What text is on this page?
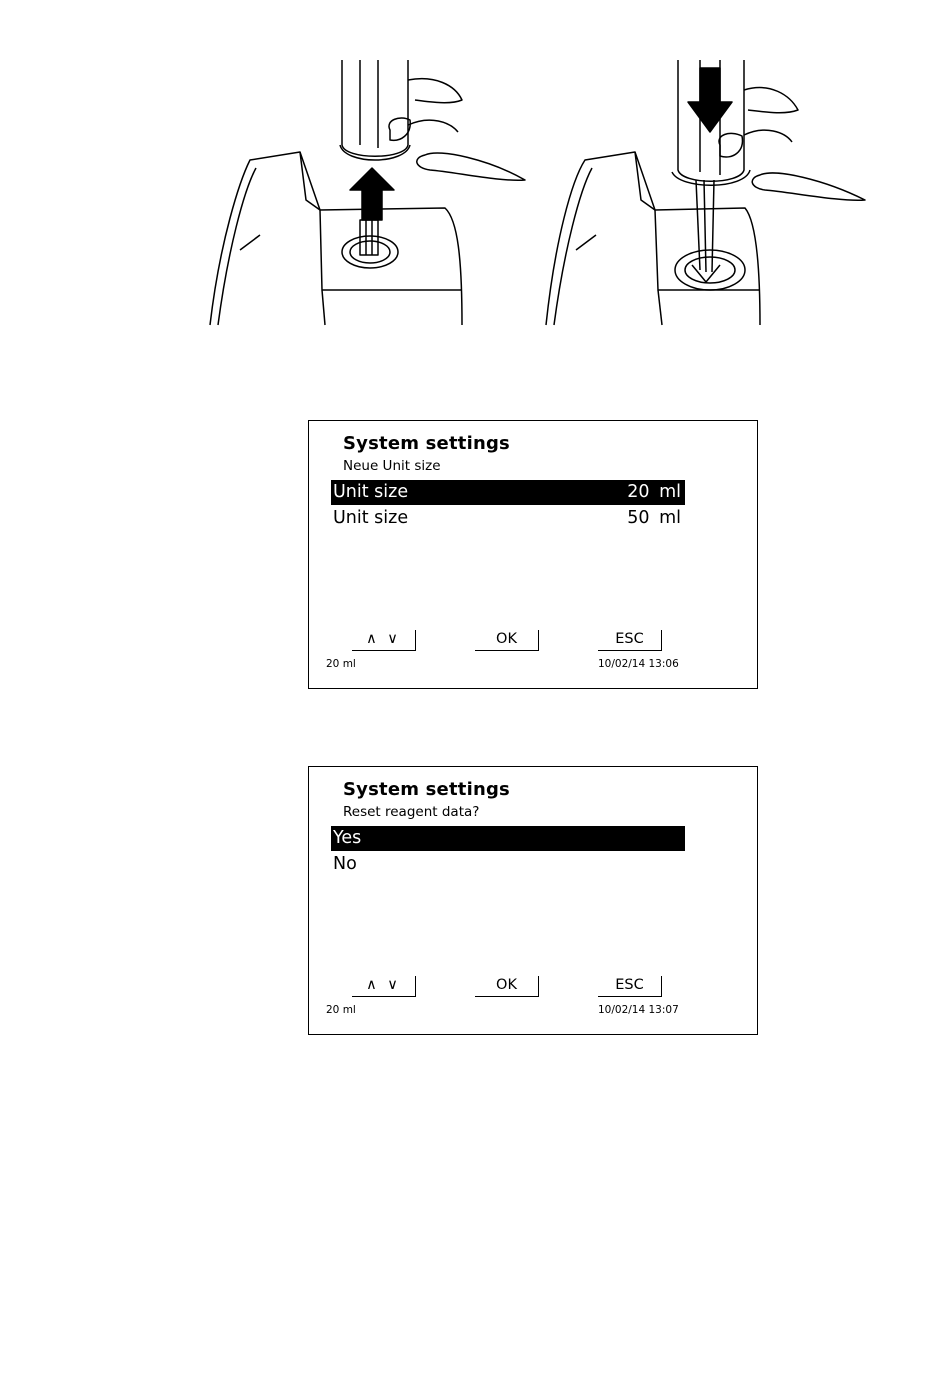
System settings
Neue Unit size
Unit size	20 ml
Unit size	50 ml
∧ ∨	OK	ESC
20 ml	10/02/14 13:06
System settings
Reset reagent data?
Yes
No
∧ ∨	OK	ESC
20 ml	10/02/14 13:07
